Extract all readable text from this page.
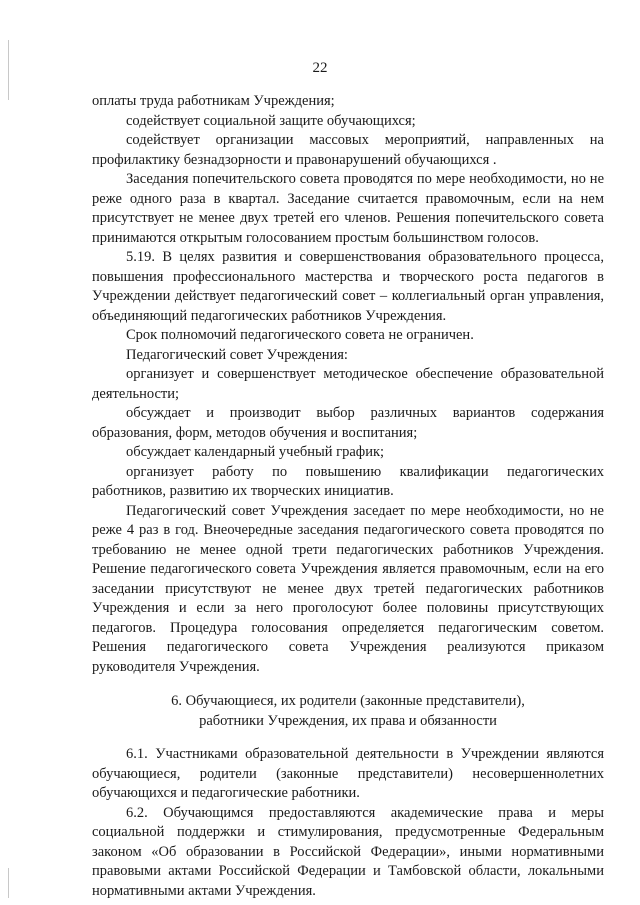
22

оплаты труда работникам Учреждения;

содействует социальной защите обучающихся;

содействует организации массовых мероприятий, направленных на профилактику безнадзорности и правонарушений обучающихся .

Заседания попечительского совета проводятся по мере необходимости, но не реже одного раза в квартал. Заседание считается правомочным, если на нем присутствует не менее двух третей его членов. Решения попечительского совета принимаются открытым голосованием простым большинством голосов.

5.19. В целях развития и совершенствования образовательного процесса, повышения профессионального мастерства и творческого роста педагогов в Учреждении действует педагогический совет – коллегиальный орган управления, объединяющий педагогических работников Учреждения.

Срок полномочий педагогического совета не ограничен.

Педагогический совет Учреждения:

организует и совершенствует методическое обеспечение образовательной деятельности;

обсуждает и производит выбор различных вариантов содержания образования, форм, методов обучения и воспитания;

обсуждает календарный учебный график;

организует работу по повышению квалификации педагогических работников, развитию их творческих инициатив.

Педагогический совет Учреждения заседает по мере необходимости, но не реже 4 раз в год. Внеочередные заседания педагогического совета проводятся по требованию не менее одной трети педагогических работников Учреждения. Решение педагогического совета Учреждения является правомочным, если на его заседании присутствуют не менее двух третей педагогических работников Учреждения и если за него проголосуют более половины присутствующих педагогов. Процедура голосования определяется педагогическим советом. Решения педагогического совета Учреждения реализуются приказом руководителя Учреждения.

6. Обучающиеся, их родители (законные представители),
работники Учреждения, их права и обязанности

6.1. Участниками образовательной деятельности в Учреждении являются обучающиеся, родители (законные представители) несовершеннолетних обучающихся и педагогические работники.

6.2. Обучающимся предоставляются академические права и меры социальной поддержки и стимулирования, предусмотренные Федеральным законом «Об образовании в Российской Федерации», иными нормативными правовыми актами Российской Федерации и Тамбовской области, локальными нормативными актами Учреждения.
